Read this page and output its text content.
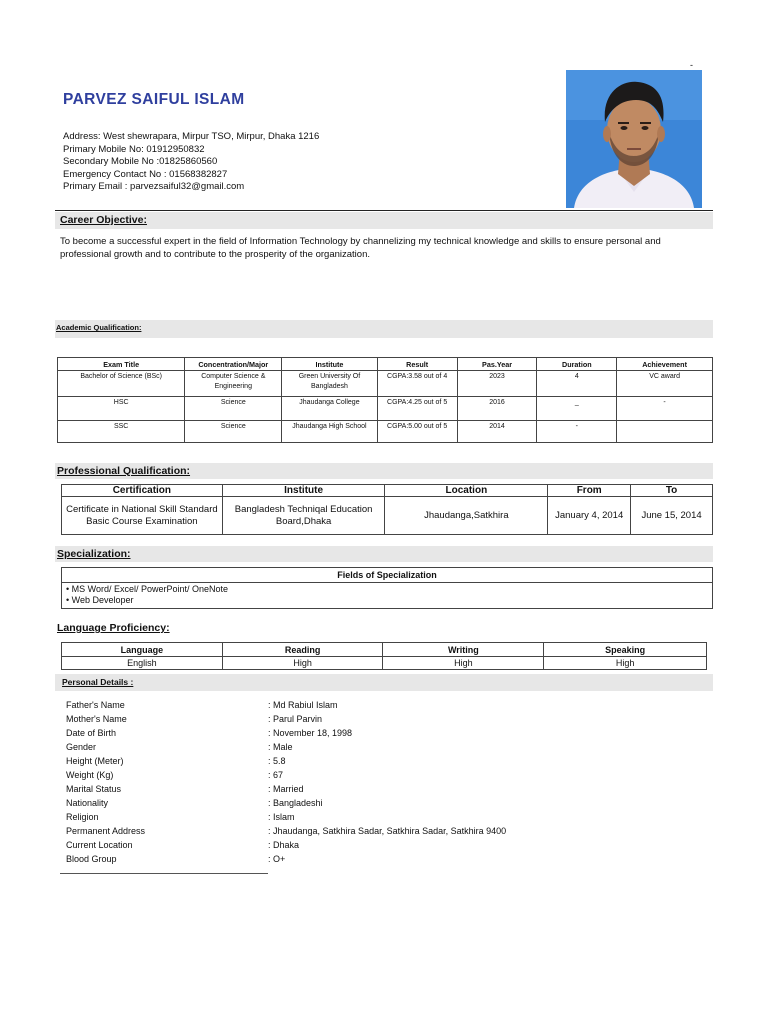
PARVEZ SAIFUL ISLAM
-
Address: West shewrapara, Mirpur TSO, Mirpur, Dhaka 1216
Primary Mobile No: 01912950832
Secondary Mobile No :01825860560
Emergency Contact No : 01568382827
Primary Email : parvezsaiful32@gmail.com
Career Objective:
To become a successful expert in the field of Information Technology by channelizing my technical knowledge and skills to ensure personal and professional growth and to contribute to the prosperity of the organization.
Academic Qualification:
Exam Title	Concentration/Major	Institute	Result	Pas.Year	Duration	Achievement
Bachelor of Science (BSc)	Computer Science & Engineering	Green University Of Bangladesh	CGPA:3.58 out of 4	2023	4	VC award
HSC	Science	Jhaudanga College	CGPA:4.25 out of 5	2016	_	-
SSC	Science	Jhaudanga High School	CGPA:5.00 out of 5	2014	-	
Professional Qualification:
Certification	Institute	Location	From	To
Certificate in National Skill Standard Basic Course Examination	Bangladesh Techniqal Education Board,Dhaka	Jhaudanga,Satkhira	January 4, 2014	June 15, 2014
Specialization:
Fields of Specialization

• MS Word/ Excel/ PowerPoint/ OneNote
• Web Developer
Language Proficiency:
Language	Reading	Writing	Speaking
English	High	High	High
Personal Details :
Father's Name	: Md Rabiul Islam
Mother's Name	: Parul Parvin
Date of Birth	: November 18, 1998
Gender	: Male
Height (Meter)	: 5.8
Weight (Kg)	: 67
Marital Status	: Married
Nationality	: Bangladeshi
Religion	: Islam
Permanent Address	: Jhaudanga, Satkhira Sadar, Satkhira Sadar, Satkhira 9400
Current Location	: Dhaka
Blood Group	: O+
